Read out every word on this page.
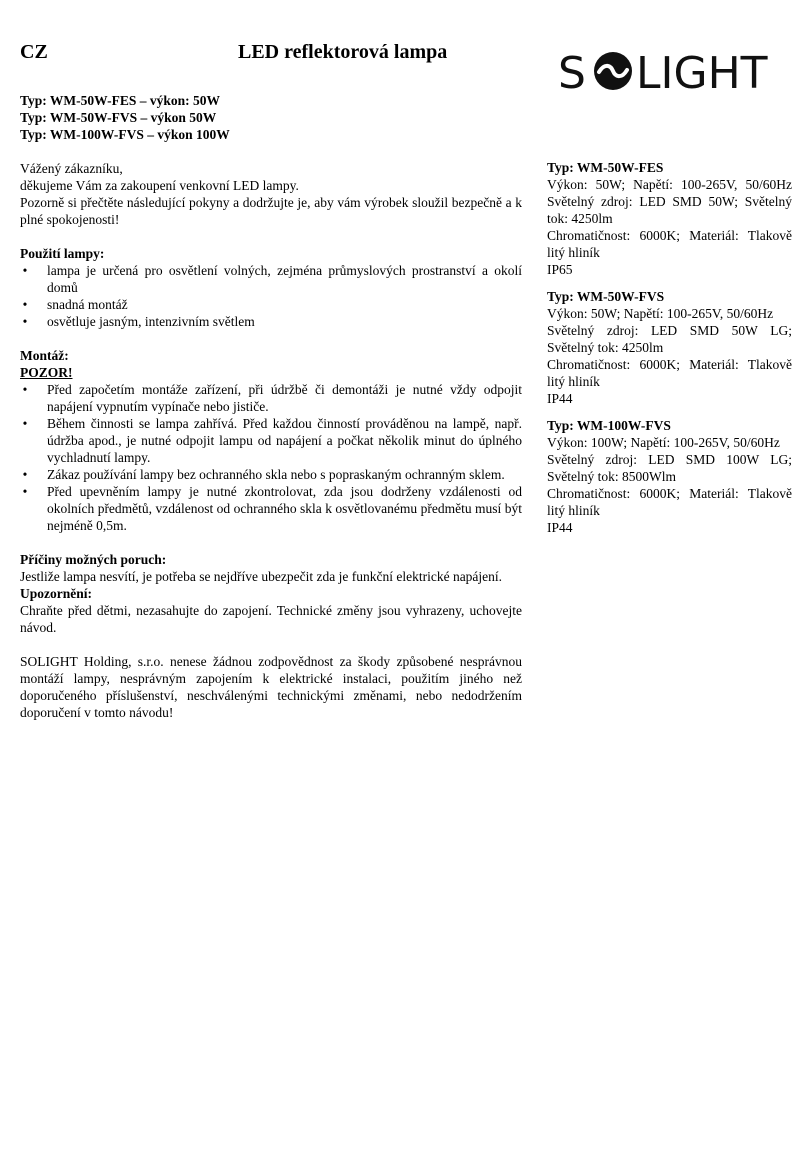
CZ	LED reflektorová lampa	S LIGHT

Typ: WM-50W-FES – výkon: 50W

Typ: WM-50W-FVS – výkon 50W

Typ: WM-100W-FVS – výkon 100W

Vážený zákazníku,

děkujeme Vám za zakoupení venkovní LED lampy.

Pozorně si přečtěte následující pokyny a dodržujte je, aby vám výrobek sloužil bezpečně a k plné spokojenosti!

Použití lampy:

• lampa je určená pro osvětlení volných, zejména průmyslových prostranství a okolí domů
• snadná montáž
• osvětluje jasným, intenzivním světlem

Montáž:

POZOR!

• Před započetím montáže zařízení, při údržbě či demontáži je nutné vždy odpojit napájení vypnutím vypínače nebo jističe.
• Během činnosti se lampa zahřívá. Před každou činností prováděnou na lampě, např. údržba apod., je nutné odpojit lampu od napájení a počkat několik minut do úplného vychladnutí lampy.
• Zákaz používání lampy bez ochranného skla nebo s popraskaným ochranným sklem.
• Před upevněním lampy je nutné zkontrolovat, zda jsou dodrženy vzdálenosti od okolních předmětů, vzdálenost od ochranného skla k osvětlovanému předmětu musí být nejméně 0,5m.

Příčiny možných poruch:

Jestliže lampa nesvítí, je potřeba se nejdříve ubezpečit zda je funkční elektrické napájení.

Upozornění:

Chraňte před dětmi, nezasahujte do zapojení. Technické změny jsou vyhrazeny, uchovejte návod.

SOLIGHT Holding, s.r.o. nenese žádnou zodpovědnost za škody způsobené nesprávnou montáží lampy, nesprávným zapojením k elektrické instalaci, použitím jiného než doporučeného příslušenství, neschválenými technickými změnami, nebo nedodržením doporučení v tomto návodu!

Typ: WM-50W-FES

Výkon: 50W; Napětí: 100-265V, 50/60Hz Světelný zdroj: LED SMD 50W; Světelný tok: 4250lm

Chromatičnost: 6000K; Materiál: Tlakově litý hliník

IP65

Typ: WM-50W-FVS

Výkon: 50W; Napětí: 100-265V, 50/60Hz

Světelný zdroj: LED SMD 50W LG; Světelný tok: 4250lm

Chromatičnost: 6000K; Materiál: Tlakově litý hliník

IP44

Typ: WM-100W-FVS

Výkon: 100W; Napětí: 100-265V, 50/60Hz

Světelný zdroj: LED SMD 100W LG; Světelný tok: 8500Wlm

Chromatičnost: 6000K; Materiál: Tlakově litý hliník

IP44
